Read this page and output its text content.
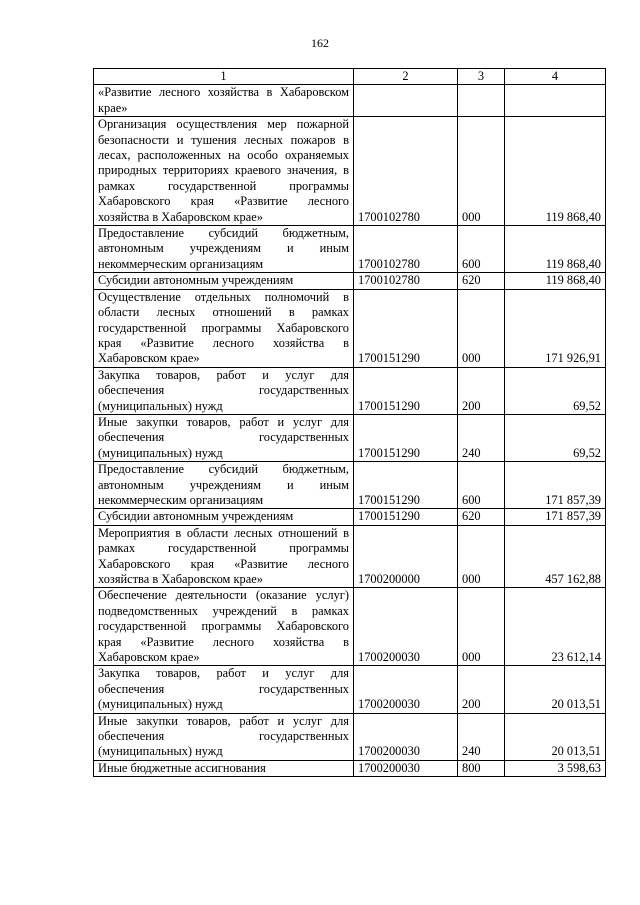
162
1	2	3	4
«Развитие лесного хозяйства в Хабаровском крае»			
Организация осуществления мер пожарной безопасности и тушения лесных пожаров в лесах, расположенных на особо охраняемых природных территориях краевого значения, в рамках государственной программы Хабаровского края «Развитие лесного хозяйства в Хабаровском крае»	1700102780	000	119 868,40
Предоставление субсидий бюджетным, автономным учреждениям и иным некоммерческим организациям	1700102780	600	119 868,40
Субсидии автономным учреждениям	1700102780	620	119 868,40
Осуществление отдельных полномочий в области лесных отношений в рамках государственной программы Хабаровского края «Развитие лесного хозяйства в Хабаровском крае»	1700151290	000	171 926,91
Закупка товаров, работ и услуг для обеспечения государственных (муниципальных) нужд	1700151290	200	69,52
Иные закупки товаров, работ и услуг для обеспечения государственных (муниципальных) нужд	1700151290	240	69,52
Предоставление субсидий бюджетным, автономным учреждениям и иным некоммерческим организациям	1700151290	600	171 857,39
Субсидии автономным учреждениям	1700151290	620	171 857,39
Мероприятия в области лесных отношений в рамках государственной программы Хабаровского края «Развитие лесного хозяйства в Хабаровском крае»	1700200000	000	457 162,88
Обеспечение деятельности (оказание услуг) подведомственных учреждений в рамках государственной программы Хабаровского края «Развитие лесного хозяйства в Хабаровском крае»	1700200030	000	23 612,14
Закупка товаров, работ и услуг для обеспечения государственных (муниципальных) нужд	1700200030	200	20 013,51
Иные закупки товаров, работ и услуг для обеспечения государственных (муниципальных) нужд	1700200030	240	20 013,51
Иные бюджетные ассигнования	1700200030	800	3 598,63
